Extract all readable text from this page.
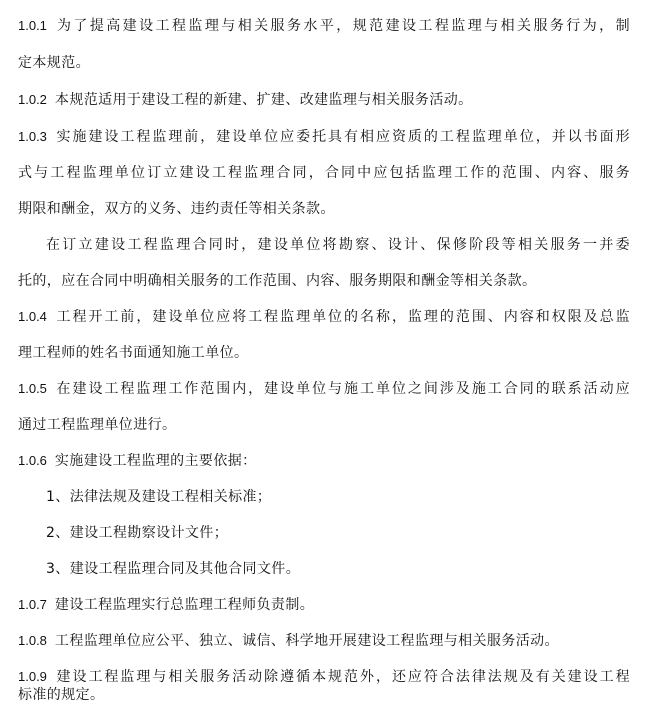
1.0.1 为了提高建设工程监理与相关服务水平，规范建设工程监理与相关服务行为，制
定本规范。
1.0.2 本规范适用于建设工程的新建、扩建、改建监理与相关服务活动。
1.0.3 实施建设工程监理前，建设单位应委托具有相应资质的工程监理单位，并以书面形
式与工程监理单位订立建设工程监理合同，合同中应包括监理工作的范围、内容、服务
期限和酬金，双方的义务、违约责任等相关条款。
在订立建设工程监理合同时，建设单位将勘察、设计、保修阶段等相关服务一并委
托的，应在合同中明确相关服务的工作范围、内容、服务期限和酬金等相关条款。
1.0.4 工程开工前，建设单位应将工程监理单位的名称，监理的范围、内容和权限及总监
理工程师的姓名书面通知施工单位。
1.0.5 在建设工程监理工作范围内，建设单位与施工单位之间涉及施工合同的联系活动应
通过工程监理单位进行。
1.0.6 实施建设工程监理的主要依据：
1、法律法规及建设工程相关标准；
2、建设工程勘察设计文件；
3、建设工程监理合同及其他合同文件。
1.0.7 建设工程监理实行总监理工程师负责制。
1.0.8 工程监理单位应公平、独立、诚信、科学地开展建设工程监理与相关服务活动。
1.0.9 建设工程监理与相关服务活动除遵循本规范外，还应符合法律法规及有关建设工程
标准的规定。
